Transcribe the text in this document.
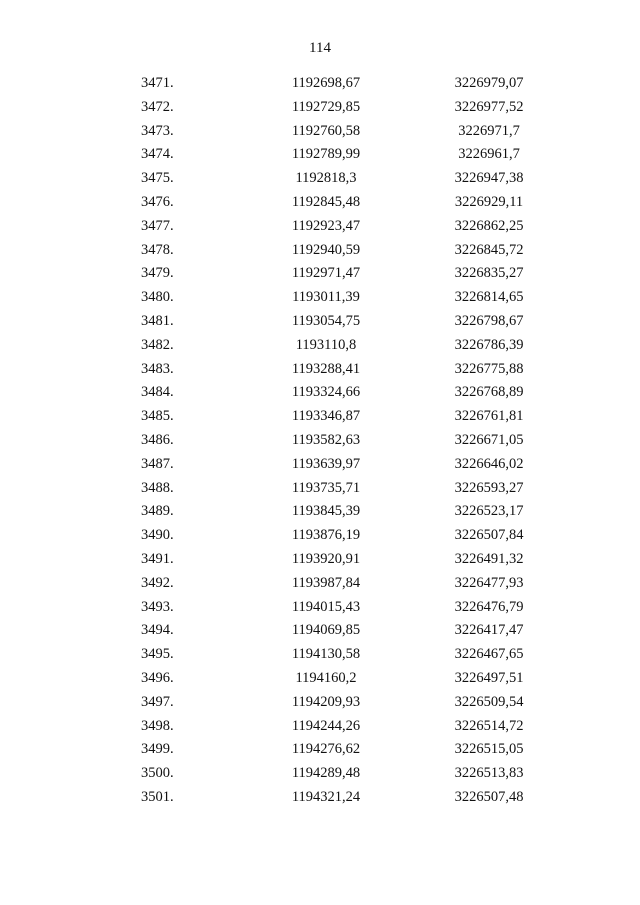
114
3471.	1192698,67	3226979,07
3472.	1192729,85	3226977,52
3473.	1192760,58	3226971,7
3474.	1192789,99	3226961,7
3475.	1192818,3	3226947,38
3476.	1192845,48	3226929,11
3477.	1192923,47	3226862,25
3478.	1192940,59	3226845,72
3479.	1192971,47	3226835,27
3480.	1193011,39	3226814,65
3481.	1193054,75	3226798,67
3482.	1193110,8	3226786,39
3483.	1193288,41	3226775,88
3484.	1193324,66	3226768,89
3485.	1193346,87	3226761,81
3486.	1193582,63	3226671,05
3487.	1193639,97	3226646,02
3488.	1193735,71	3226593,27
3489.	1193845,39	3226523,17
3490.	1193876,19	3226507,84
3491.	1193920,91	3226491,32
3492.	1193987,84	3226477,93
3493.	1194015,43	3226476,79
3494.	1194069,85	3226417,47
3495.	1194130,58	3226467,65
3496.	1194160,2	3226497,51
3497.	1194209,93	3226509,54
3498.	1194244,26	3226514,72
3499.	1194276,62	3226515,05
3500.	1194289,48	3226513,83
3501.	1194321,24	3226507,48
